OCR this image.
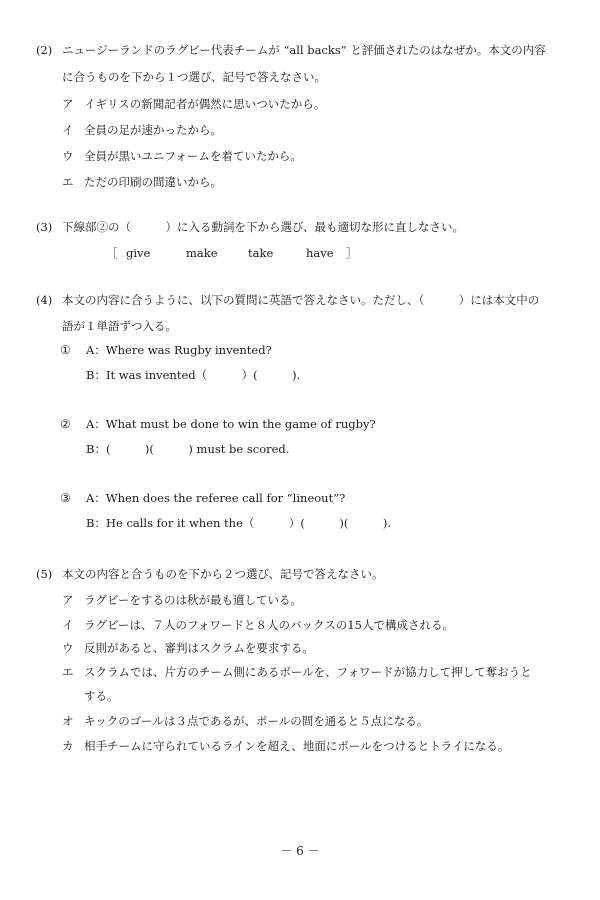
(2) ニュージーランドのラグビー代表チームが “all backs” と評価されたのはなぜか。本文の内容
に合うものを下から１つ選び、記号で答えなさい。
ア イギリスの新聞記者が偶然に思いついたから。
イ 全員の足が速かったから。
ウ 全員が黒いユニフォームを着ていたから。
エ ただの印刷の間違いから。
(3) 下線部②の（　　　）に入る動詞を下から選び、最も適切な形に直しなさい。
［ give	make	take	have ］
(4) 本文の内容に合うように、以下の質問に英語で答えなさい。ただし、（　　　）には本文中の
語が１単語ずつ入る。
① A：Where was Rugby invented?
B：It was invented（　　　）(　　　).
② A：What must be done to win the game of rugby?
B：(　　　)(　　　) must be scored.
③ A：When does the referee call for “lineout”?
B：He calls for it when the（　　　）(　　　)(　　　).
(5) 本文の内容と合うものを下から２つ選び、記号で答えなさい。
ア ラグビーをするのは秋が最も適している。
イ ラグビーは、７人のフォワードと８人のバックスの15人で構成される。
ウ 反則があると、審判はスクラムを要求する。
エ スクラムでは、片方のチーム側にあるボールを、フォワードが協力して押して奪おうと
する。
オ キックのゴールは３点であるが、ポールの間を通ると５点になる。
カ 相手チームに守られているラインを超え、地面にボールをつけるとトライになる。
－ 6 －
